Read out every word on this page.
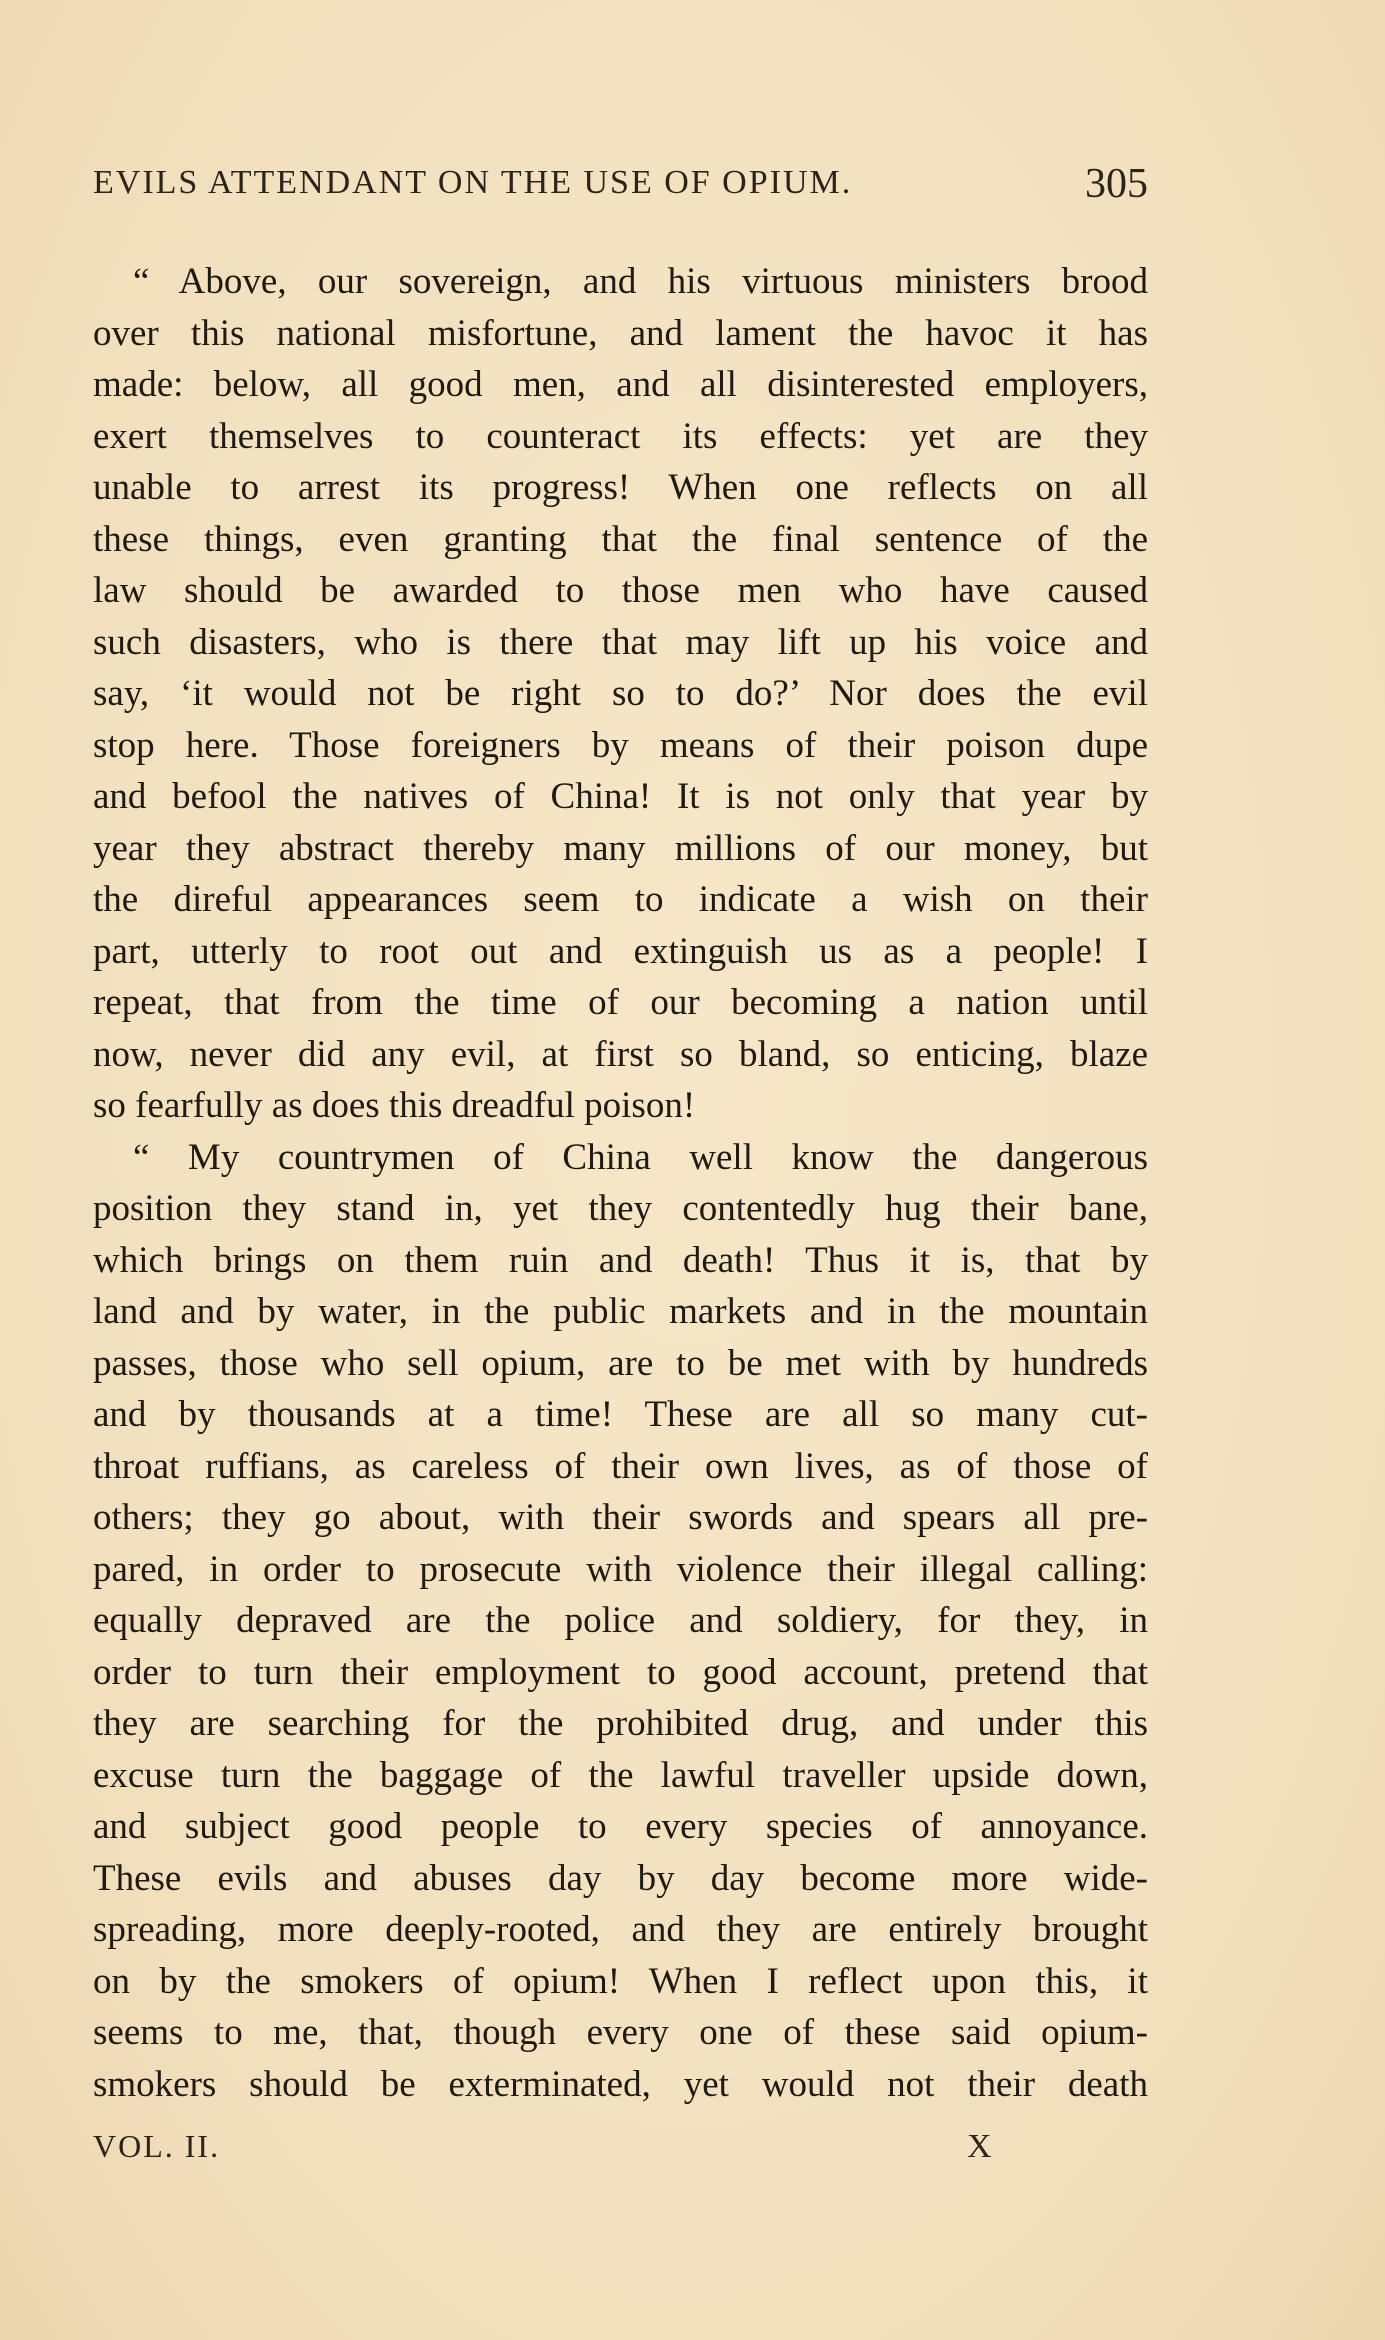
EVILS ATTENDANT ON THE USE OF OPIUM.	305
“ Above, our sovereign, and his virtuous ministers brood
over this national misfortune, and lament the havoc it has
made: below, all good men, and all disinterested employers,
exert themselves to counteract its effects: yet are they
unable to arrest its progress! When one reflects on all
these things, even granting that the final sentence of the
law should be awarded to those men who have caused
such disasters, who is there that may lift up his voice and
say, ‘it would not be right so to do?’ Nor does the evil
stop here. Those foreigners by means of their poison dupe
and befool the natives of China! It is not only that year by
year they abstract thereby many millions of our money, but
the direful appearances seem to indicate a wish on their
part, utterly to root out and extinguish us as a people! I
repeat, that from the time of our becoming a nation until
now, never did any evil, at first so bland, so enticing, blaze
so fearfully as does this dreadful poison!
“ My countrymen of China well know the dangerous
position they stand in, yet they contentedly hug their bane,
which brings on them ruin and death! Thus it is, that by
land and by water, in the public markets and in the mountain
passes, those who sell opium, are to be met with by hundreds
and by thousands at a time! These are all so many cut-
throat ruffians, as careless of their own lives, as of those of
others; they go about, with their swords and spears all pre-
pared, in order to prosecute with violence their illegal calling:
equally depraved are the police and soldiery, for they, in
order to turn their employment to good account, pretend that
they are searching for the prohibited drug, and under this
excuse turn the baggage of the lawful traveller upside down,
and subject good people to every species of annoyance.
These evils and abuses day by day become more wide-
spreading, more deeply-rooted, and they are entirely brought
on by the smokers of opium! When I reflect upon this, it
seems to me, that, though every one of these said opium-
smokers should be exterminated, yet would not their death
VOL. II.	X
